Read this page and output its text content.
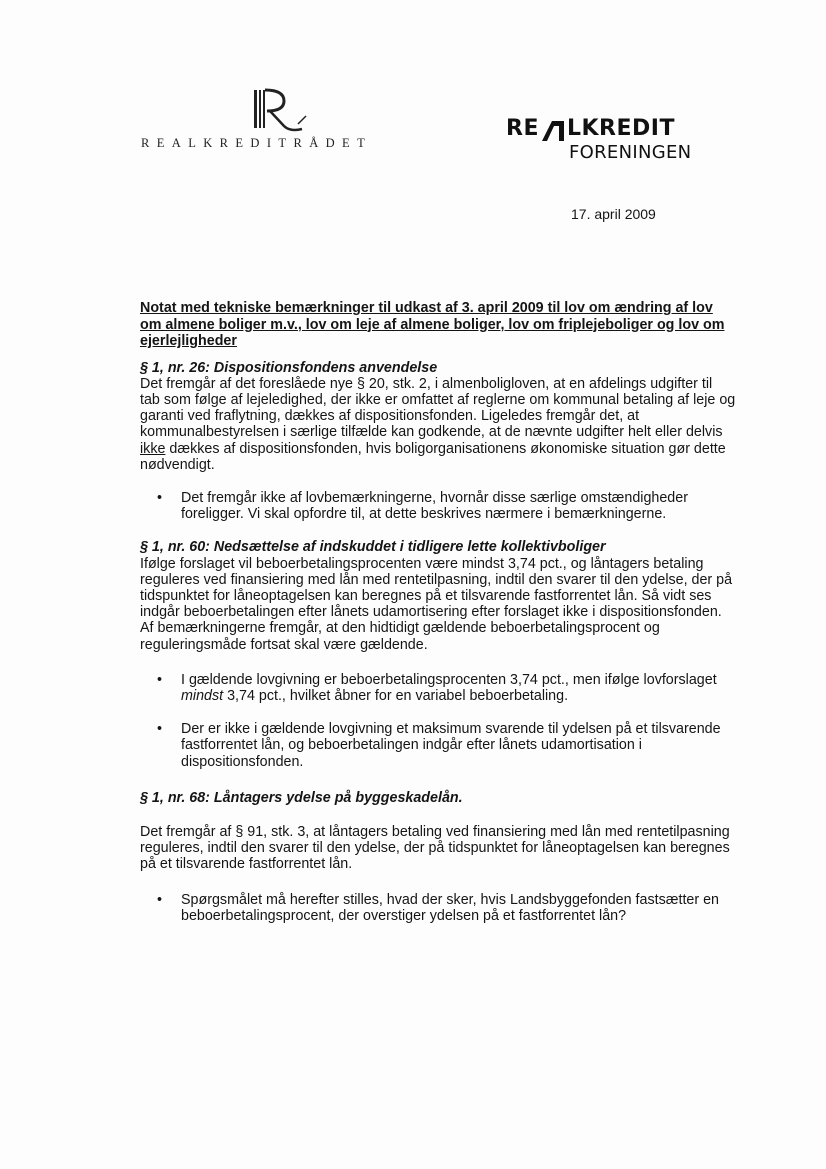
REALKREDITRÅDET
RE LKREDIT
FORENINGEN
17. april 2009

Notat med tekniske bemærkninger til udkast af 3. april 2009 til lov om ændring af lov om almene boliger m.v., lov om leje af almene boliger, lov om friplejeboliger og lov om ejerlejligheder

§ 1, nr. 26: Dispositionsfondens anvendelse

Det fremgår af det foreslåede nye § 20, stk. 2, i almenboligloven, at en afdelings udgifter til tab som følge af lejeledighed, der ikke er omfattet af reglerne om kommunal betaling af leje og garanti ved fraflytning, dækkes af dispositionsfonden. Ligeledes fremgår det, at kommunalbestyrelsen i særlige tilfælde kan godkende, at de nævnte udgifter helt eller delvis ikke dækkes af dispositionsfonden, hvis boligorganisationens økonomiske situation gør dette nødvendigt.

• Det fremgår ikke af lovbemærkningerne, hvornår disse særlige omstændigheder foreligger. Vi skal opfordre til, at dette beskrives nærmere i bemærkningerne.

§ 1, nr. 60: Nedsættelse af indskuddet i tidligere lette kollektivboliger

Ifølge forslaget vil beboerbetalingsprocenten være mindst 3,74 pct., og låntagers betaling reguleres ved finansiering med lån med rentetilpasning, indtil den svarer til den ydelse, der på tidspunktet for låneoptagelsen kan beregnes på et tilsvarende fastforrentet lån. Så vidt ses indgår beboerbetalingen efter lånets udamortisering efter forslaget ikke i dispositionsfonden. Af bemærkningerne fremgår, at den hidtidigt gældende beboerbetalingsprocent og reguleringsmåde fortsat skal være gældende.

• I gældende lovgivning er beboerbetalingsprocenten 3,74 pct., men ifølge lovforslaget mindst 3,74 pct., hvilket åbner for en variabel beboerbetaling.
• Der er ikke i gældende lovgivning et maksimum svarende til ydelsen på et tilsvarende fastforrentet lån, og beboerbetalingen indgår efter lånets udamortisation i dispositionsfonden.

§ 1, nr. 68: Låntagers ydelse på byggeskadelån.

Det fremgår af § 91, stk. 3, at låntagers betaling ved finansiering med lån med rentetilpasning reguleres, indtil den svarer til den ydelse, der på tidspunktet for låneoptagelsen kan beregnes på et tilsvarende fastforrentet lån.

• Spørgsmålet må herefter stilles, hvad der sker, hvis Landsbyggefonden fastsætter en beboerbetalingsprocent, der overstiger ydelsen på et fastforrentet lån?
